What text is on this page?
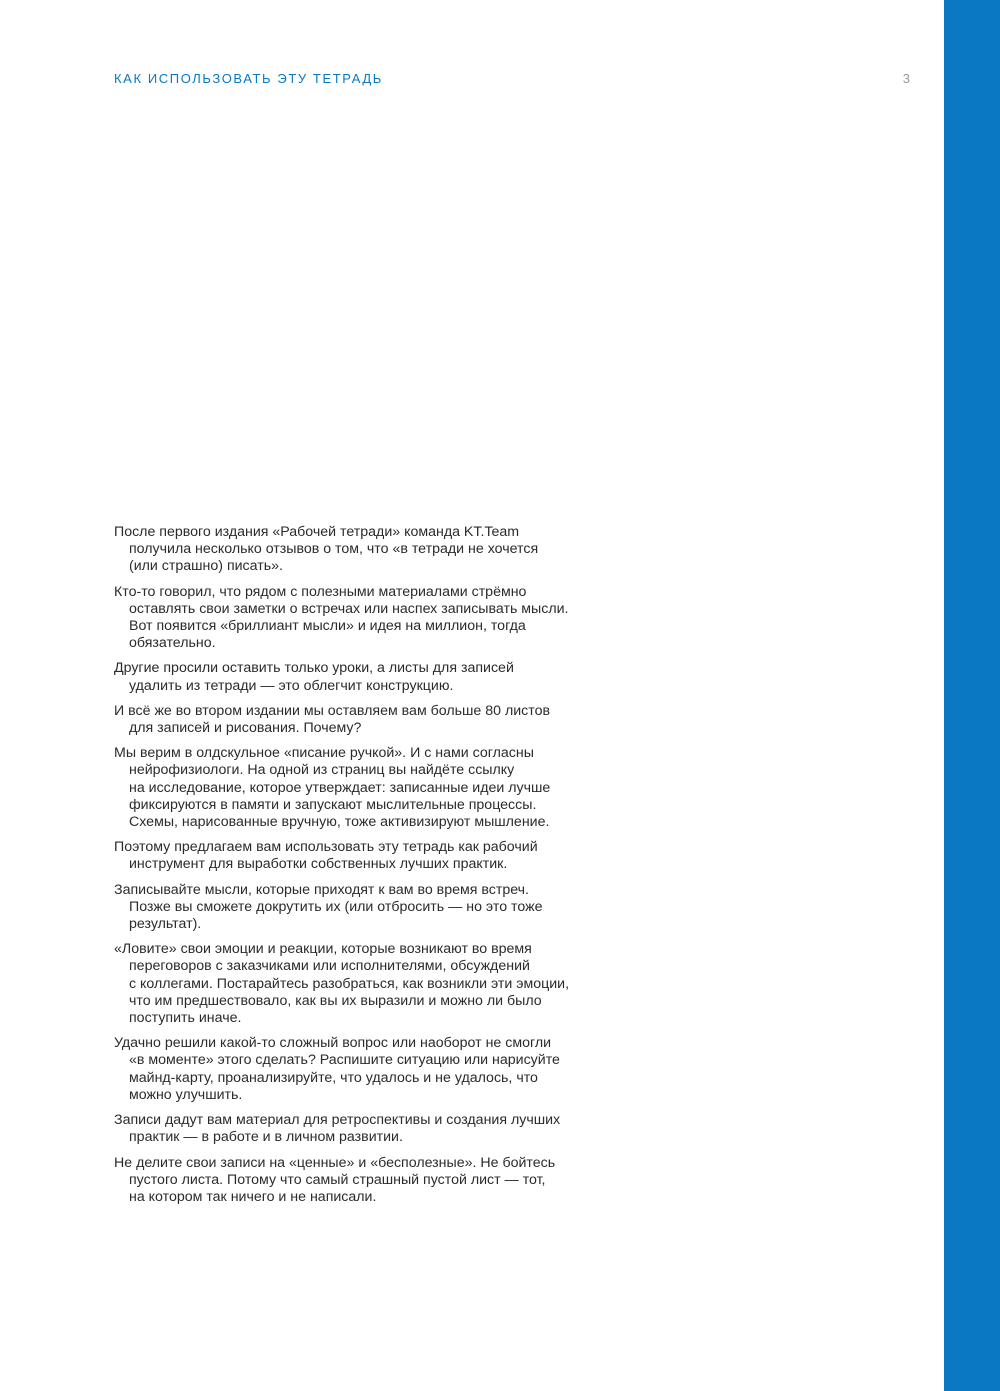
КАК ИСПОЛЬЗОВАТЬ ЭТУ ТЕТРАДЬ	3

После первого издания «Рабочей тетради» команда KT.Team
получила несколько отзывов о том, что «в тетради не хочется
(или страшно) писать».

Кто-то говорил, что рядом с полезными материалами стрёмно
оставлять свои заметки о встречах или наспех записывать мысли.
Вот появится «бриллиант мысли» и идея на миллион, тогда
обязательно.

Другие просили оставить только уроки, а листы для записей
удалить из тетради — это облегчит конструкцию.

И всё же во втором издании мы оставляем вам больше 80 листов
для записей и рисования. Почему?

Мы верим в олдскульное «писание ручкой». И с нами согласны
нейрофизиологи. На одной из страниц вы найдёте ссылку
на исследование, которое утверждает: записанные идеи лучше
фиксируются в памяти и запускают мыслительные процессы.
Схемы, нарисованные вручную, тоже активизируют мышление.

Поэтому предлагаем вам использовать эту тетрадь как рабочий
инструмент для выработки собственных лучших практик.

Записывайте мысли, которые приходят к вам во время встреч.
Позже вы сможете докрутить их (или отбросить — но это тоже
результат).

«Ловите» свои эмоции и реакции, которые возникают во время
переговоров с заказчиками или исполнителями, обсуждений
с коллегами. Постарайтесь разобраться, как возникли эти эмоции,
что им предшествовало, как вы их выразили и можно ли было
поступить иначе.

Удачно решили какой-то сложный вопрос или наоборот не смогли
«в моменте» этого сделать? Распишите ситуацию или нарисуйте
майнд-карту, проанализируйте, что удалось и не удалось, что
можно улучшить.

Записи дадут вам материал для ретроспективы и создания лучших
практик — в работе и в личном развитии.

Не делите свои записи на «ценные» и «бесполезные». Не бойтесь
пустого листа. Потому что самый страшный пустой лист — тот,
на котором так ничего и не написали.
